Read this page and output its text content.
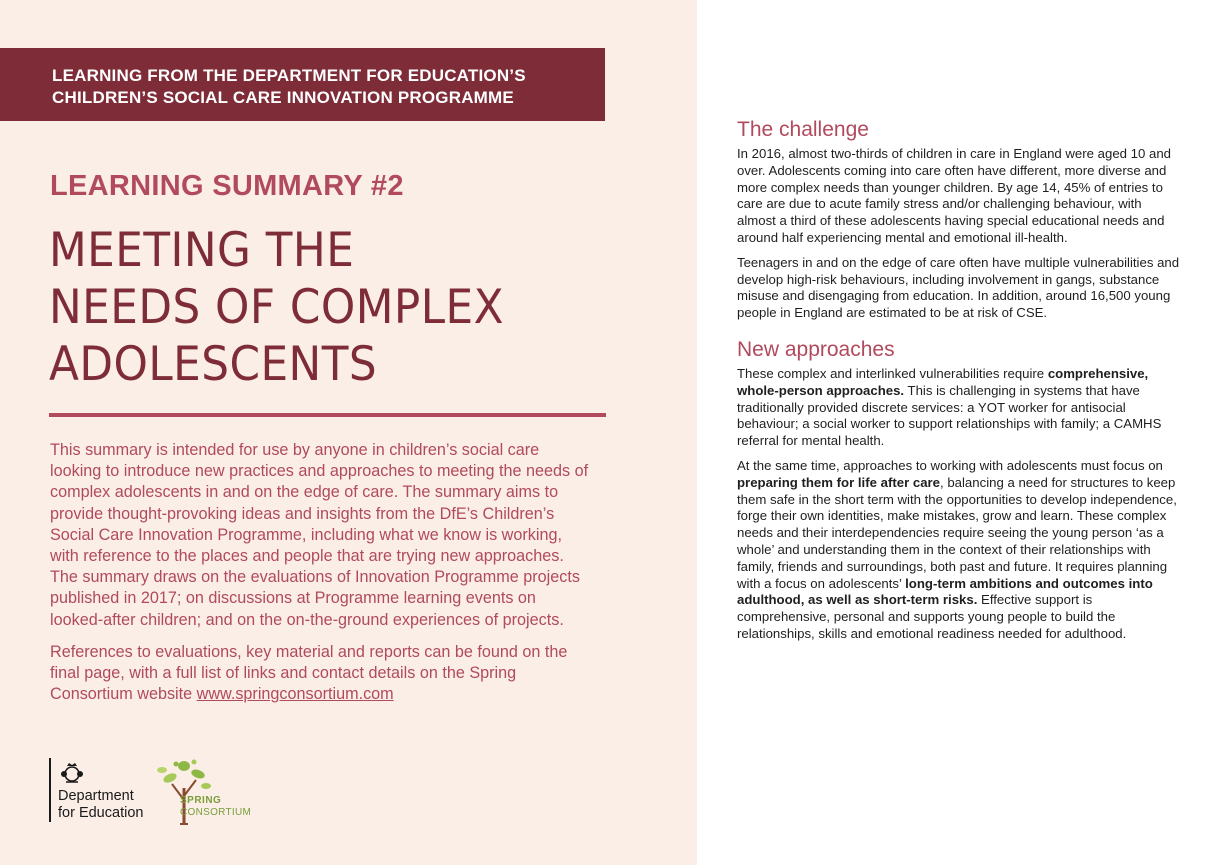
LEARNING FROM THE DEPARTMENT FOR EDUCATION’S
CHILDREN’S SOCIAL CARE INNOVATION PROGRAMME
LEARNING SUMMARY #2
MEETING THE
NEEDS OF COMPLEX
ADOLESCENTS

This summary is intended for use by anyone in children’s social care looking to introduce new practices and approaches to meeting the needs of complex adolescents in and on the edge of care. The summary aims to provide thought-provoking ideas and insights from the DfE’s Children’s Social Care Innovation Programme, including what we know is working, with reference to the places and people that are trying new approaches. The summary draws on the evaluations of Innovation Programme projects published in 2017; on discussions at Programme learning events on looked-after children; and on the on-the-ground experiences of projects.

References to evaluations, key material and reports can be found on the final page, with a full list of links and contact details on the Spring Consortium website www.springconsortium.com

Department
for Education
SPRING
CONSORTIUM
The challenge

In 2016, almost two-thirds of children in care in England were aged 10 and over. Adolescents coming into care often have different, more diverse and more complex needs than younger children. By age 14, 45% of entries to care are due to acute family stress and/or challenging behaviour, with almost a third of these adolescents having special educational needs and around half experiencing mental and emotional ill-health.

Teenagers in and on the edge of care often have multiple vulnerabilities and develop high-risk behaviours, including involvement in gangs, substance misuse and disengaging from education. In addition, around 16,500 young people in England are estimated to be at risk of CSE.

New approaches

These complex and interlinked vulnerabilities require comprehensive, whole-person approaches. This is challenging in systems that have traditionally provided discrete services: a YOT worker for antisocial behaviour; a social worker to support relationships with family; a CAMHS referral for mental health.

At the same time, approaches to working with adolescents must focus on preparing them for life after care, balancing a need for structures to keep them safe in the short term with the opportunities to develop independence, forge their own identities, make mistakes, grow and learn. These complex needs and their interdependencies require seeing the young person ‘as a whole’ and understanding them in the context of their relationships with family, friends and surroundings, both past and future. It requires planning with a focus on adolescents’ long-term ambitions and outcomes into adulthood, as well as short-term risks. Effective support is comprehensive, personal and supports young people to build the relationships, skills and emotional readiness needed for adulthood.
